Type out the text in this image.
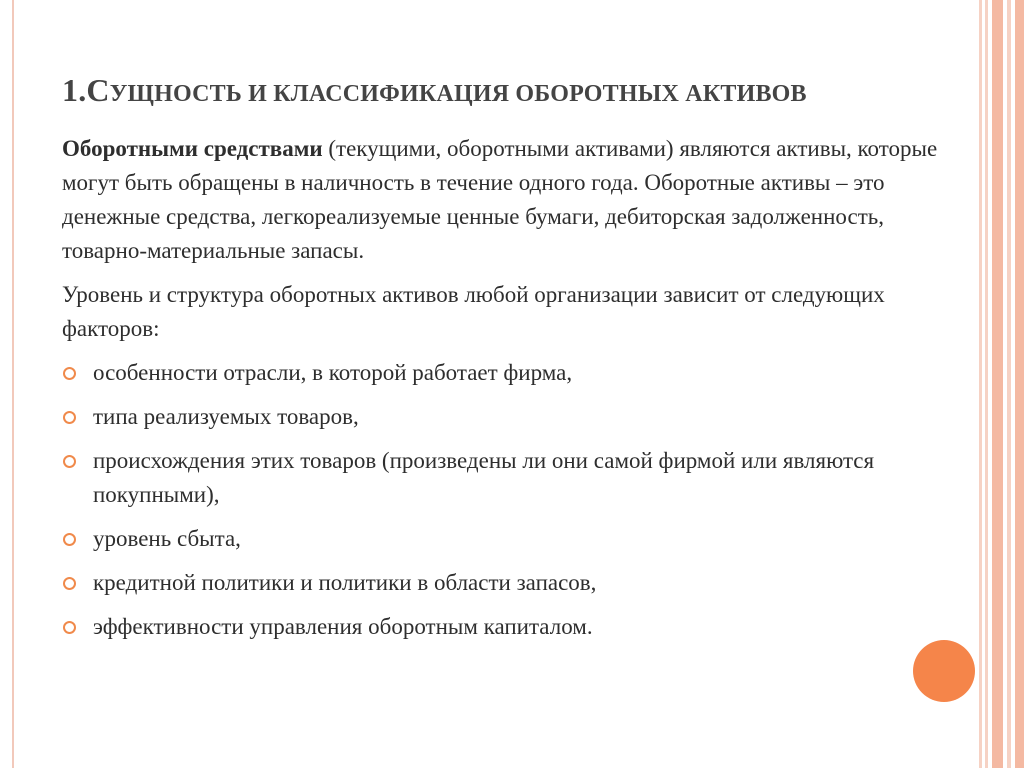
1.СУЩНОСТЬ И КЛАССИФИКАЦИЯ ОБОРОТНЫХ АКТИВОВ

Оборотными средствами (текущими, оборотными активами) являются активы, которые могут быть обращены в наличность в течение одного года. Оборотные активы – это денежные средства, легкореализуемые ценные бумаги, дебиторская задолженность, товарно-материальные запасы.

Уровень и структура оборотных активов любой организации зависит от следующих факторов:

особенности отрасли, в которой работает фирма,
типа реализуемых товаров,
происхождения этих товаров (произведены ли они самой фирмой или являются покупными),
уровень сбыта,
кредитной политики и политики в области запасов,
эффективности управления оборотным капиталом.
